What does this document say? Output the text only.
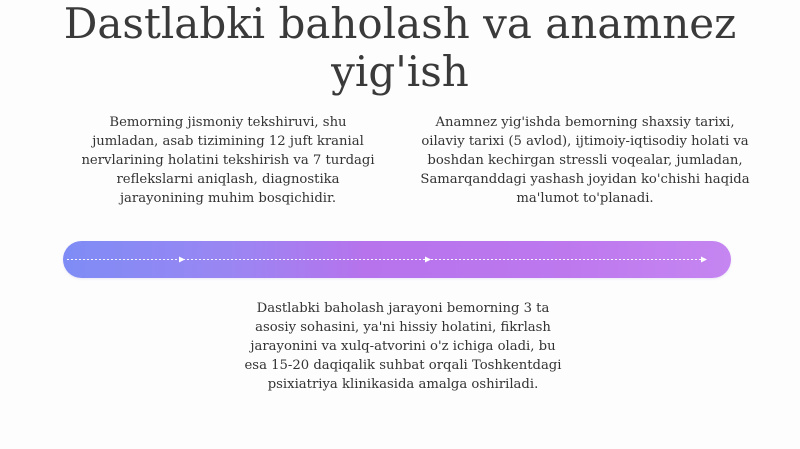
Dastlabki baholash va anamnez yig'ish

Bemorning jismoniy tekshiruvi, shu jumladan, asab tizimining 12 juft kranial nervlarining holatini tekshirish va 7 turdagi reflekslarni aniqlash, diagnostika jarayonining muhim bosqichidir.

Anamnez yig'ishda bemorning shaxsiy tarixi, oilaviy tarixi (5 avlod), ijtimoiy-iqtisodiy holati va boshdan kechirgan stressli voqealar, jumladan, Samarqanddagi yashash joyidan ko'chishi haqida ma'lumot to'planadi.

Dastlabki baholash jarayoni bemorning 3 ta asosiy sohasini, ya'ni hissiy holatini, fikrlash jarayonini va xulq-atvorini o'z ichiga oladi, bu esa 15-20 daqiqalik suhbat orqali Toshkentdagi psixiatriya klinikasida amalga oshiriladi.
